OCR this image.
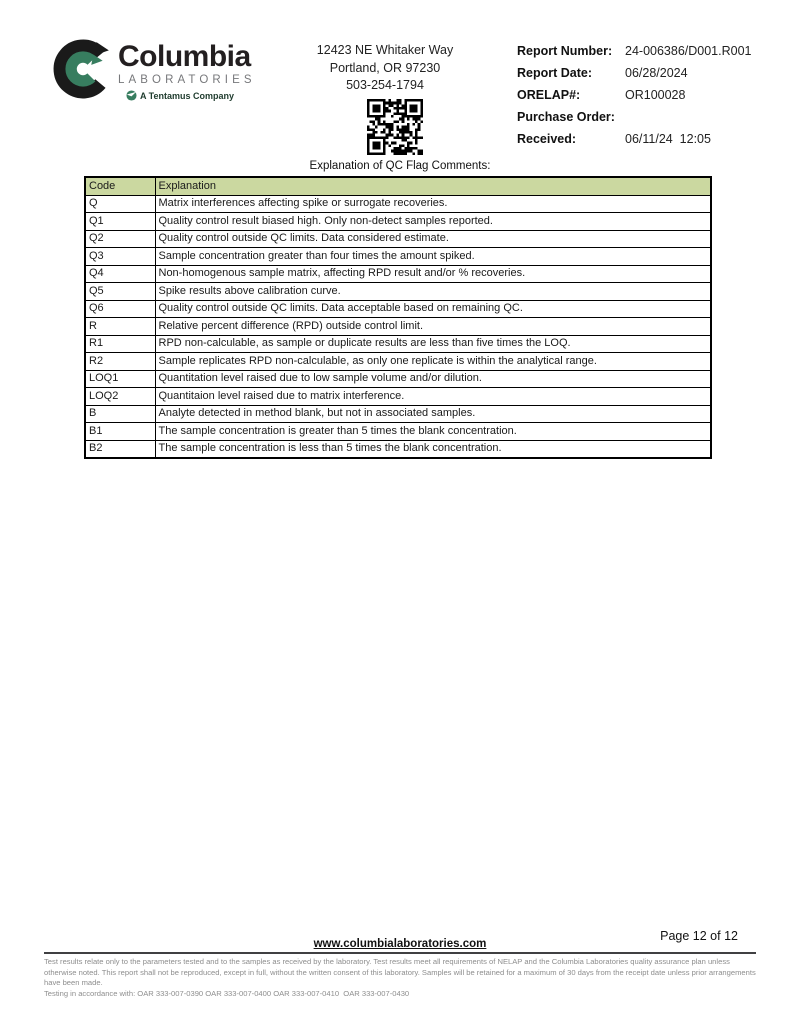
Columbia
LABORATORIES
A Tentamus Company
12423 NE Whitaker Way
Portland, OR 97230
503-254-1794
Report Number:	24-006386/D001.R001
Report Date:	06/28/2024
ORELAP#:	OR100028
Purchase Order:
Received:	06/11/24  12:05
Explanation of QC Flag Comments:
Code	Explanation
Q	Matrix interferences affecting spike or surrogate recoveries.
Q1	Quality control result biased high. Only non-detect samples reported.
Q2	Quality control outside QC limits. Data considered estimate.
Q3	Sample concentration greater than four times the amount spiked.
Q4	Non-homogenous sample matrix, affecting RPD result and/or % recoveries.
Q5	Spike results above calibration curve.
Q6	Quality control outside QC limits. Data acceptable based on remaining QC.
R	Relative percent difference (RPD) outside control limit.
R1	RPD non-calculable, as sample or duplicate results are less than five times the LOQ.
R2	Sample replicates RPD non-calculable, as only one replicate is within the analytical range.
LOQ1	Quantitation level raised due to low sample volume and/or dilution.
LOQ2	Quantitaion level raised due to matrix interference.
B	Analyte detected in method blank, but not in associated samples.
B1	The sample concentration is greater than 5 times the blank concentration.
B2	The sample concentration is less than 5 times the blank concentration.
Page 12 of 12
www.columbialaboratories.com
Test results relate only to the parameters tested and to the samples as received by the laboratory. Test results meet all requirements of NELAP and the Columbia Laboratories quality assurance plan unless otherwise noted. This report shall not be reproduced, except in full, without the written consent of this laboratory. Samples will be retained for a maximum of 30 days from the receipt date unless prior arrangements have been made.
Testing in accordance with: OAR 333-007-0390 OAR 333-007-0400 OAR 333-007-0410  OAR 333-007-0430
